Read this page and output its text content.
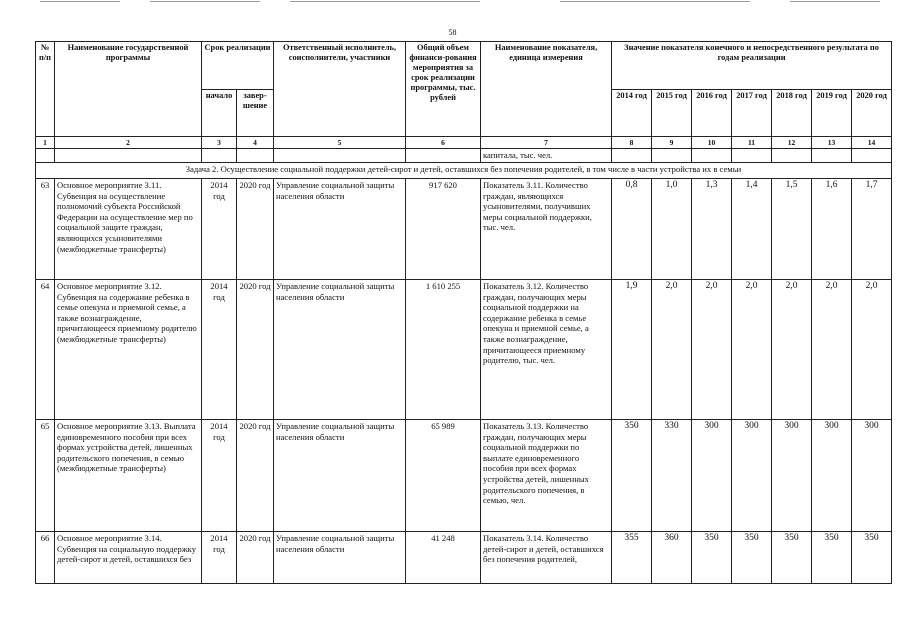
58
№ п/п	Наименование государственной программы	Срок реализации		Ответственный исполнитель, соисполнители, участники	Общий объем финанси-рования мероприятия за срок реализации программы, тыс. рублей	Наименование показателя, единица измерения	Значение показателя конечного и непосредственного результата по годам реализации						
		начало	завер-шение				2014 год	2015 год	2016 год	2017 год	2018 год	2019 год	2020 год
1	2	3	4	5	6	7	8	9	10	11	12	13	14
						капитала, тыс. чел.							
Задача 2. Осуществление социальной поддержки детей-сирот и детей, оставшихся без попечения родителей, в том числе в части устройства их в семьи													
63	Основное мероприятие 3.11. Субвенция на осуществление полномочий субъекта Российской Федерации на осуществление мер по социальной защите граждан, являющихся усыновителями (межбюджетные трансферты)	2014 год	2020 год	Управление социальной защиты населения области	917 620	Показатель 3.11. Количество граждан, являющихся усыновителями, получивших меры социальной поддержки, тыс. чел.	0,8	1,0	1,3	1,4	1,5	1,6	1,7
64	Основное мероприятие 3.12. Субвенция на содержание ребенка в семье опекуна и приемной семье, а также вознаграждение, причитающееся приемному родителю (межбюджетные трансферты)	2014 год	2020 год	Управление социальной защиты населения области	1 610 255	Показатель 3.12. Количество граждан, получающих меры социальной поддержки на содержание ребенка в семье опекуна и приемной семье, а также вознаграждение, причитающееся приемному родителю, тыс. чел.	1,9	2,0	2,0	2,0	2,0	2,0	2,0
65	Основное мероприятие 3.13. Выплата единовременного пособия при всех формах устройства детей, лишенных родительского попечения, в семью (межбюджетные трансферты)	2014 год	2020 год	Управление социальной защиты населения области	65 989	Показатель 3.13. Количество граждан, получающих меры социальной поддержки по выплате единовременного пособия при всех формах устройства детей, лишенных родительского попечения, в семью, чел.	350	330	300	300	300	300	300
66	Основное мероприятие 3.14. Субвенция на социальную поддержку детей-сирот и детей, оставшихся без	2014 год	2020 год	Управление социальной защиты населения области	41 248	Показатель 3.14. Количество детей-сирот и детей, оставшихся без попечения родителей,	355	360	350	350	350	350	350
